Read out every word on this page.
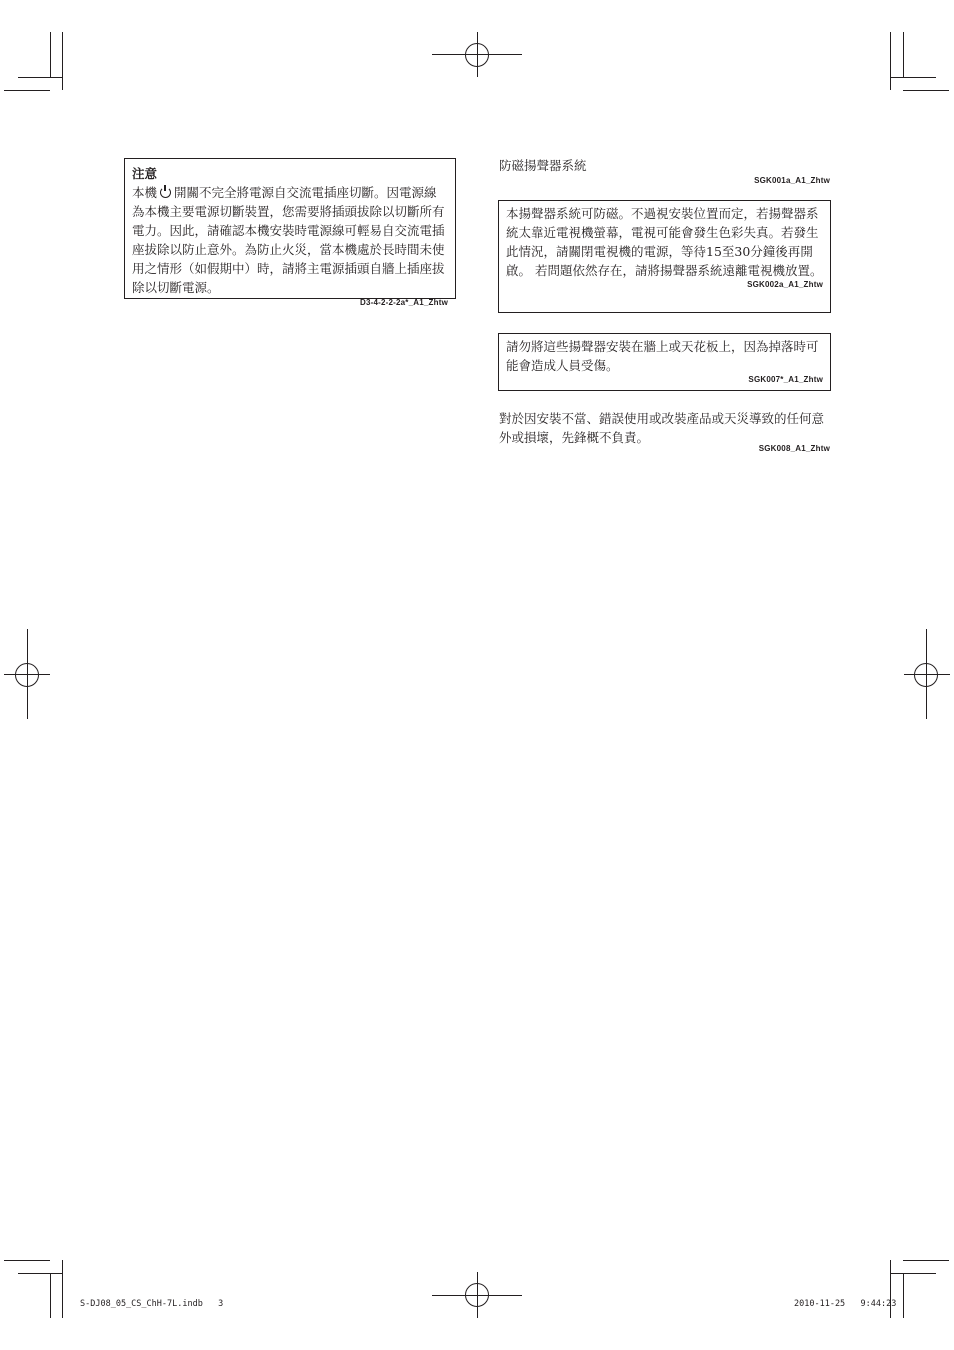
注意
本機 開關不完全將電源自交流電插座切斷。因電源線為本機主要電源切斷裝置，您需要將插頭拔除以切斷所有電力。因此，請確認本機安裝時電源線可輕易自交流電插座拔除以防止意外。為防止火災，當本機處於長時間未使用之情形（如假期中）時，請將主電源插頭自牆上插座拔除以切斷電源。
D3-4-2-2-2a*_A1_Zhtw
防磁揚聲器系統
SGK001a_A1_Zhtw
本揚聲器系統可防磁。不過視安裝位置而定，若揚聲器系統太靠近電視機螢幕，電視可能會發生色彩失真。若發生此情況，請關閉電視機的電源，等待15至30分鐘後再開啟。 若問題依然存在，請將揚聲器系統遠離電視機放置。
SGK002a_A1_Zhtw
請勿將這些揚聲器安裝在牆上或天花板上，因為掉落時可能會造成人員受傷。
SGK007*_A1_Zhtw
對於因安裝不當、錯誤使用或改裝產品或天災導致的任何意外或損壞，先鋒概不負責。
SGK008_A1_Zhtw
S-DJ08_05_CS_ChH-7L.indb   3	2010-11-25   9:44:23
